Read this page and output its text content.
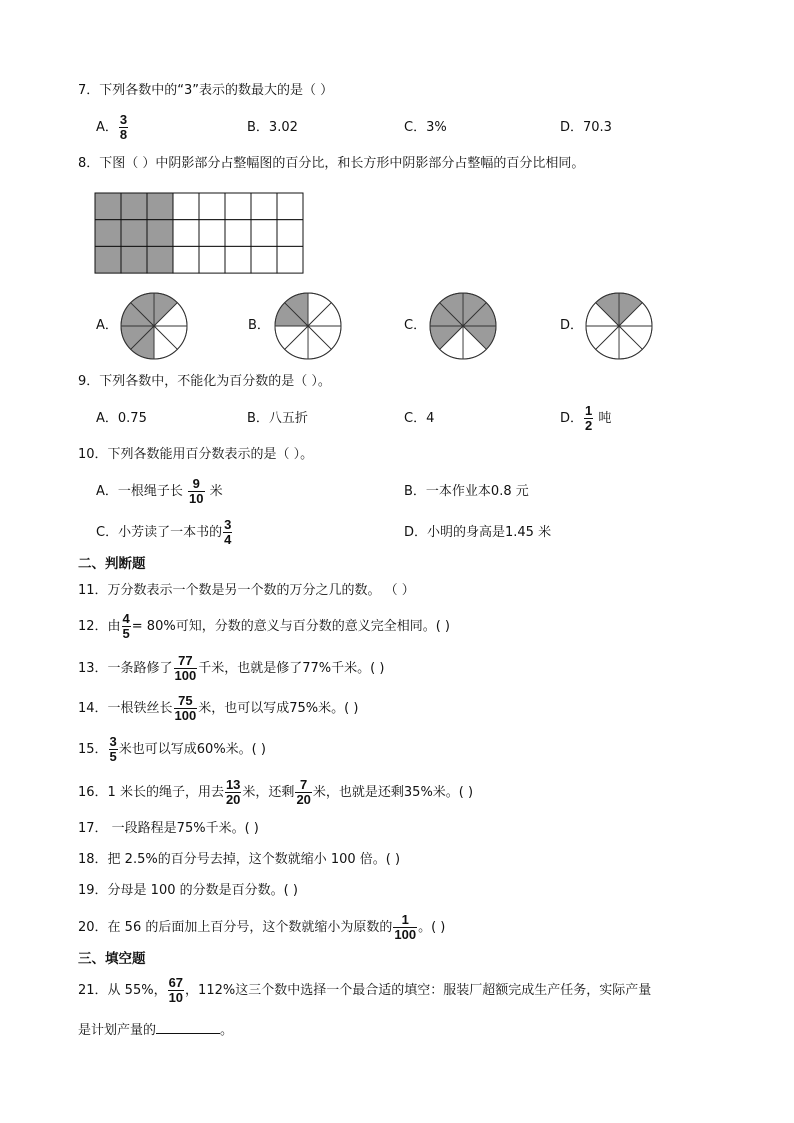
7．下列各数中的“3”表示的数最大的是（ ）
A． $\frac{3}{8}$	B．3.02	C．3%	D．70.3
8．下图（ ）中阴影部分占整幅图的百分比，和长方形中阴影部分占整幅的百分比相同。
A．	B．	C．	D．
9．下列各数中，不能化为百分数的是（ ）。
A．0.75	B．八五折	C．4	D． $\frac{1}{2}$ 吨
10．下列各数能用百分数表示的是（ ）。
A．一根绳子长 $\frac{9}{10}$ 米	B．一本作业本0.8 元
C．小芳读了一本书的 $\frac{3}{4}$	D．小明的身高是1.45 米
二、判断题
11．万分数表示一个数是另一个数的万分之几的数。 （ ）
12．由 $\frac{4}{5} = 80\%$可知，分数的意义与百分数的意义完全相同。( )
13．一条路修了 $\frac{77}{100}$ 千米，也就是修了77%千米。( )
14．一根铁丝长 $\frac{75}{100}$ 米，也可以写成75%米。( )
15． $\frac{3}{5}$ 米也可以写成60%米。( )
16．1 米长的绳子，用去 $\frac{13}{20}$ 米，还剩 $\frac{7}{20}$ 米，也就是还剩35%米。( )
17． 一段路程是75%千米。( )
18．把 2.5%的百分号去掉，这个数就缩小 100 倍。( )
19．分母是 100 的分数是百分数。( )
20．在 56 的后面加上百分号，这个数就缩小为原数的 $\frac{1}{100}$ 。( )
三、填空题
21．从 55%， $\frac{67}{10}$ ，112%这三个数中选择一个最合适的填空：服装厂超额完成生产任务，实际产量
是计划产量的	。
